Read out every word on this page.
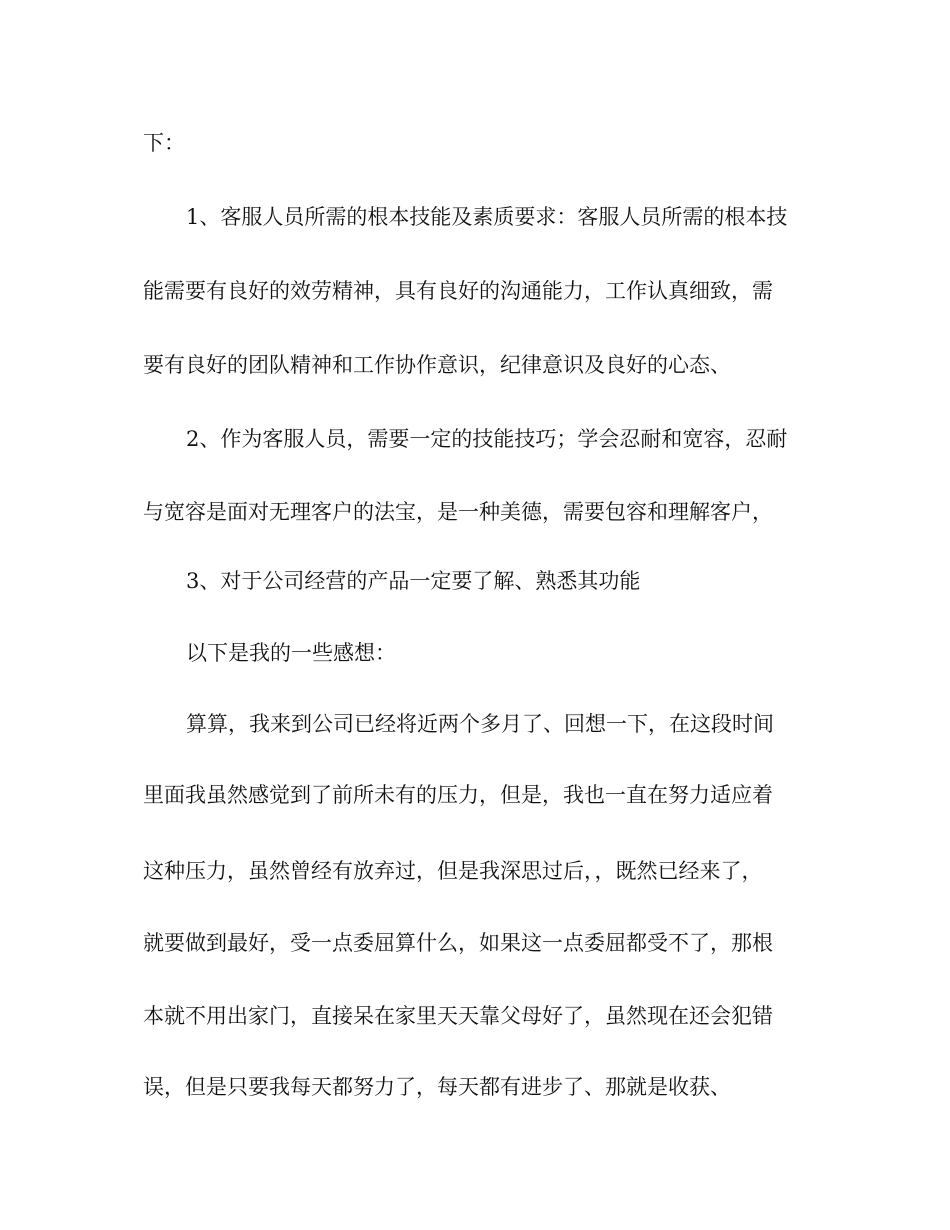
下：
1、客服人员所需的根本技能及素质要求：客服人员所需的根本技
能需要有良好的效劳精神，具有良好的沟通能力，工作认真细致，需
要有良好的团队精神和工作协作意识，纪律意识及良好的心态、
2、作为客服人员，需要一定的技能技巧；学会忍耐和宽容，忍耐
与宽容是面对无理客户的法宝，是一种美德，需要包容和理解客户，
3、对于公司经营的产品一定要了解、熟悉其功能
以下是我的一些感想：
算算，我来到公司已经将近两个多月了、回想一下，在这段时间
里面我虽然感觉到了前所未有的压力，但是，我也一直在努力适应着
这种压力，虽然曾经有放弃过，但是我深思过后，，既然已经来了，
就要做到最好，受一点委屈算什么，如果这一点委屈都受不了，那根
本就不用出家门，直接呆在家里天天靠父母好了，虽然现在还会犯错
误，但是只要我每天都努力了，每天都有进步了、那就是收获、
